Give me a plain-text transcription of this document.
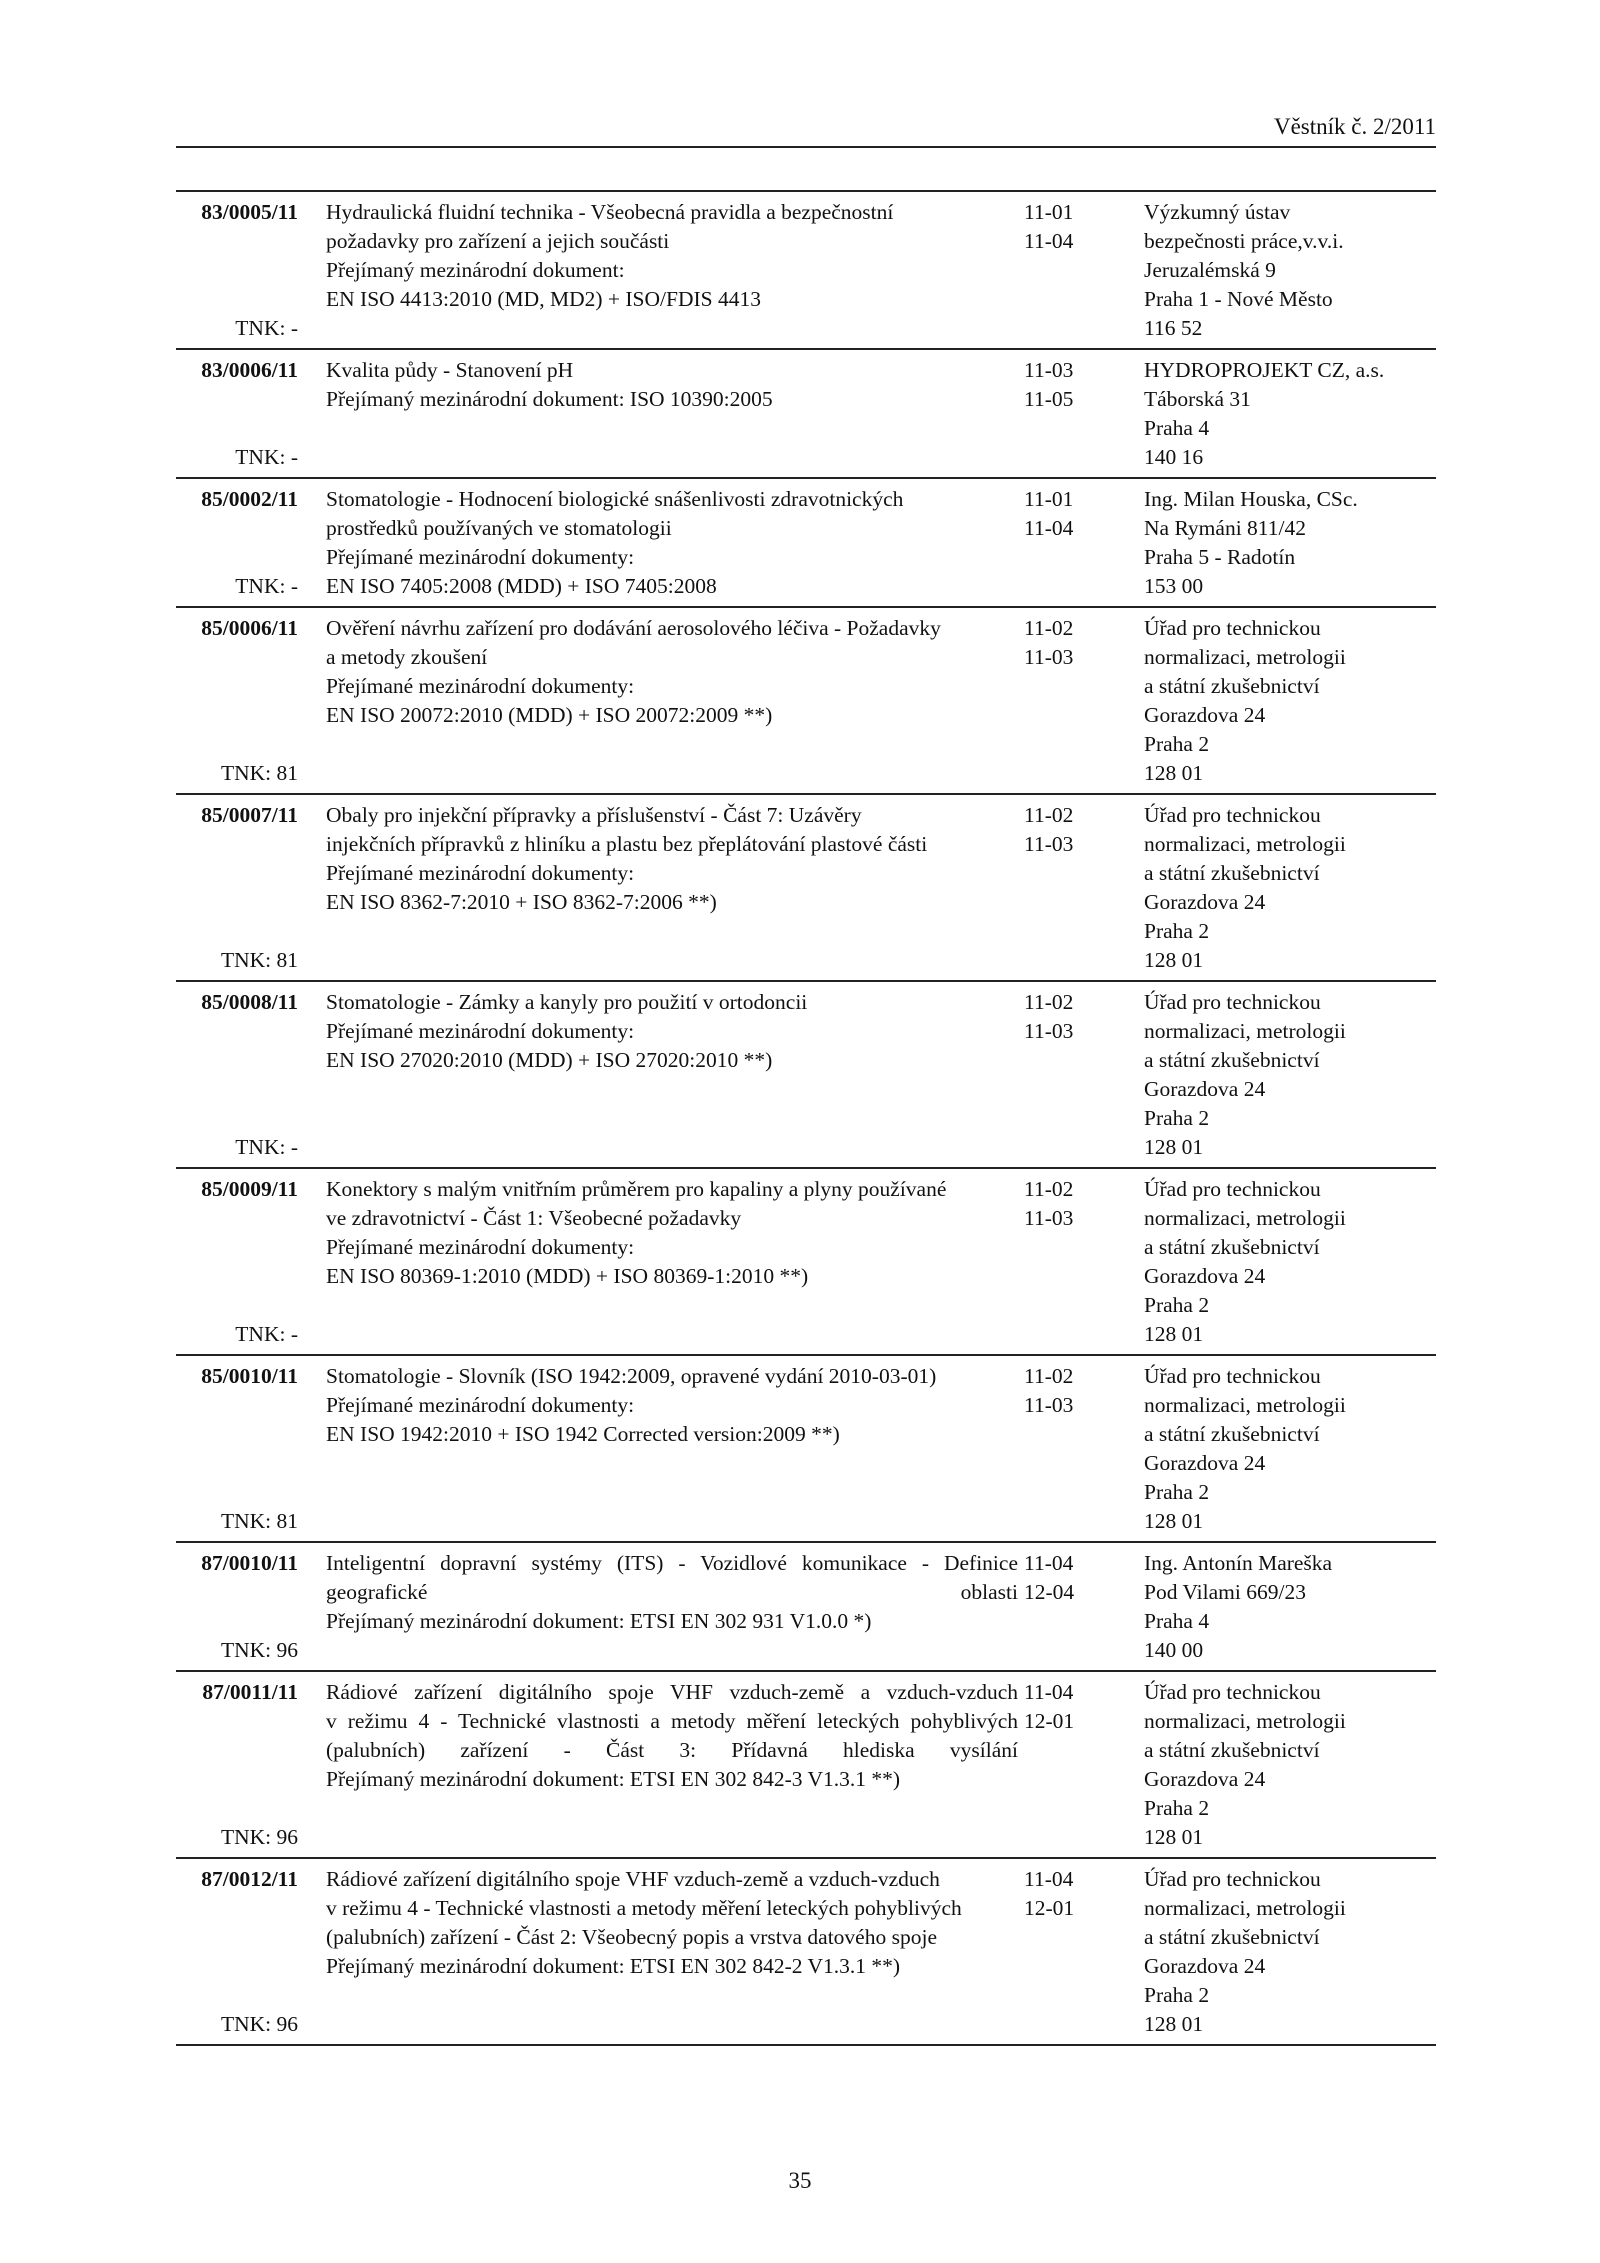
Věstník č. 2/2011
83/0005/11
TNK: -
Hydraulická fluidní technika - Všeobecná pravidla a bezpečnostní
požadavky pro zařízení a jejich součásti
Přejímaný mezinárodní dokument:
EN ISO 4413:2010 (MD, MD2) + ISO/FDIS 4413
11-01
11-04
Výzkumný ústav
bezpečnosti práce,v.v.i.
Jeruzalémská 9
Praha 1 - Nové Město
116 52
83/0006/11
TNK: -
Kvalita půdy - Stanovení pH
Přejímaný mezinárodní dokument: ISO 10390:2005
11-03
11-05
HYDROPROJEKT CZ, a.s.
Táborská 31
Praha 4
140 16
85/0002/11
TNK: -
Stomatologie - Hodnocení biologické snášenlivosti zdravotnických
prostředků používaných ve stomatologii
Přejímané mezinárodní dokumenty:
EN ISO 7405:2008 (MDD) + ISO 7405:2008
11-01
11-04
Ing. Milan Houska, CSc.
Na Rymáni 811/42
Praha 5 - Radotín
153 00
85/0006/11
TNK: 81
Ověření návrhu zařízení pro dodávání aerosolového léčiva - Požadavky
a metody zkoušení
Přejímané mezinárodní dokumenty:
EN ISO 20072:2010 (MDD) + ISO 20072:2009 **)
11-02
11-03
Úřad pro technickou
normalizaci, metrologii
a státní zkušebnictví
Gorazdova 24
Praha 2
128 01
85/0007/11
TNK: 81
Obaly pro injekční přípravky a příslušenství - Část 7: Uzávěry
injekčních přípravků z hliníku a plastu bez přeplátování plastové části
Přejímané mezinárodní dokumenty:
EN ISO 8362-7:2010 + ISO 8362-7:2006 **)
11-02
11-03
Úřad pro technickou
normalizaci, metrologii
a státní zkušebnictví
Gorazdova 24
Praha 2
128 01
85/0008/11
TNK: -
Stomatologie - Zámky a kanyly pro použití v ortodoncii
Přejímané mezinárodní dokumenty:
EN ISO 27020:2010 (MDD) + ISO 27020:2010 **)
11-02
11-03
Úřad pro technickou
normalizaci, metrologii
a státní zkušebnictví
Gorazdova 24
Praha 2
128 01
85/0009/11
TNK: -
Konektory s malým vnitřním průměrem pro kapaliny a plyny používané
ve zdravotnictví - Část 1: Všeobecné požadavky
Přejímané mezinárodní dokumenty:
EN ISO 80369-1:2010 (MDD) + ISO 80369-1:2010 **)
11-02
11-03
Úřad pro technickou
normalizaci, metrologii
a státní zkušebnictví
Gorazdova 24
Praha 2
128 01
85/0010/11
TNK: 81
Stomatologie - Slovník (ISO 1942:2009, opravené vydání 2010-03-01)
Přejímané mezinárodní dokumenty:
EN ISO 1942:2010 + ISO 1942 Corrected version:2009 **)
11-02
11-03
Úřad pro technickou
normalizaci, metrologii
a státní zkušebnictví
Gorazdova 24
Praha 2
128 01
87/0010/11
TNK: 96
Inteligentní dopravní systémy (ITS) - Vozidlové komunikace - Definice
geografické oblasti
Přejímaný mezinárodní dokument: ETSI EN 302 931 V1.0.0 *)
11-04
12-04
Ing. Antonín Mareška
Pod Vilami 669/23
Praha 4
140 00
87/0011/11
TNK: 96
Rádiové zařízení digitálního spoje VHF vzduch-země a vzduch-vzduch
v režimu 4 - Technické vlastnosti a metody měření leteckých pohyblivých
(palubních) zařízení - Část 3: Přídavná hlediska vysílání
Přejímaný mezinárodní dokument: ETSI EN 302 842-3 V1.3.1 **)
11-04
12-01
Úřad pro technickou
normalizaci, metrologii
a státní zkušebnictví
Gorazdova 24
Praha 2
128 01
87/0012/11
TNK: 96
Rádiové zařízení digitálního spoje VHF vzduch-země a vzduch-vzduch
v režimu 4 - Technické vlastnosti a metody měření leteckých pohyblivých
(palubních) zařízení - Část 2: Všeobecný popis a vrstva datového spoje
Přejímaný mezinárodní dokument: ETSI EN 302 842-2 V1.3.1 **)
11-04
12-01
Úřad pro technickou
normalizaci, metrologii
a státní zkušebnictví
Gorazdova 24
Praha 2
128 01
35
